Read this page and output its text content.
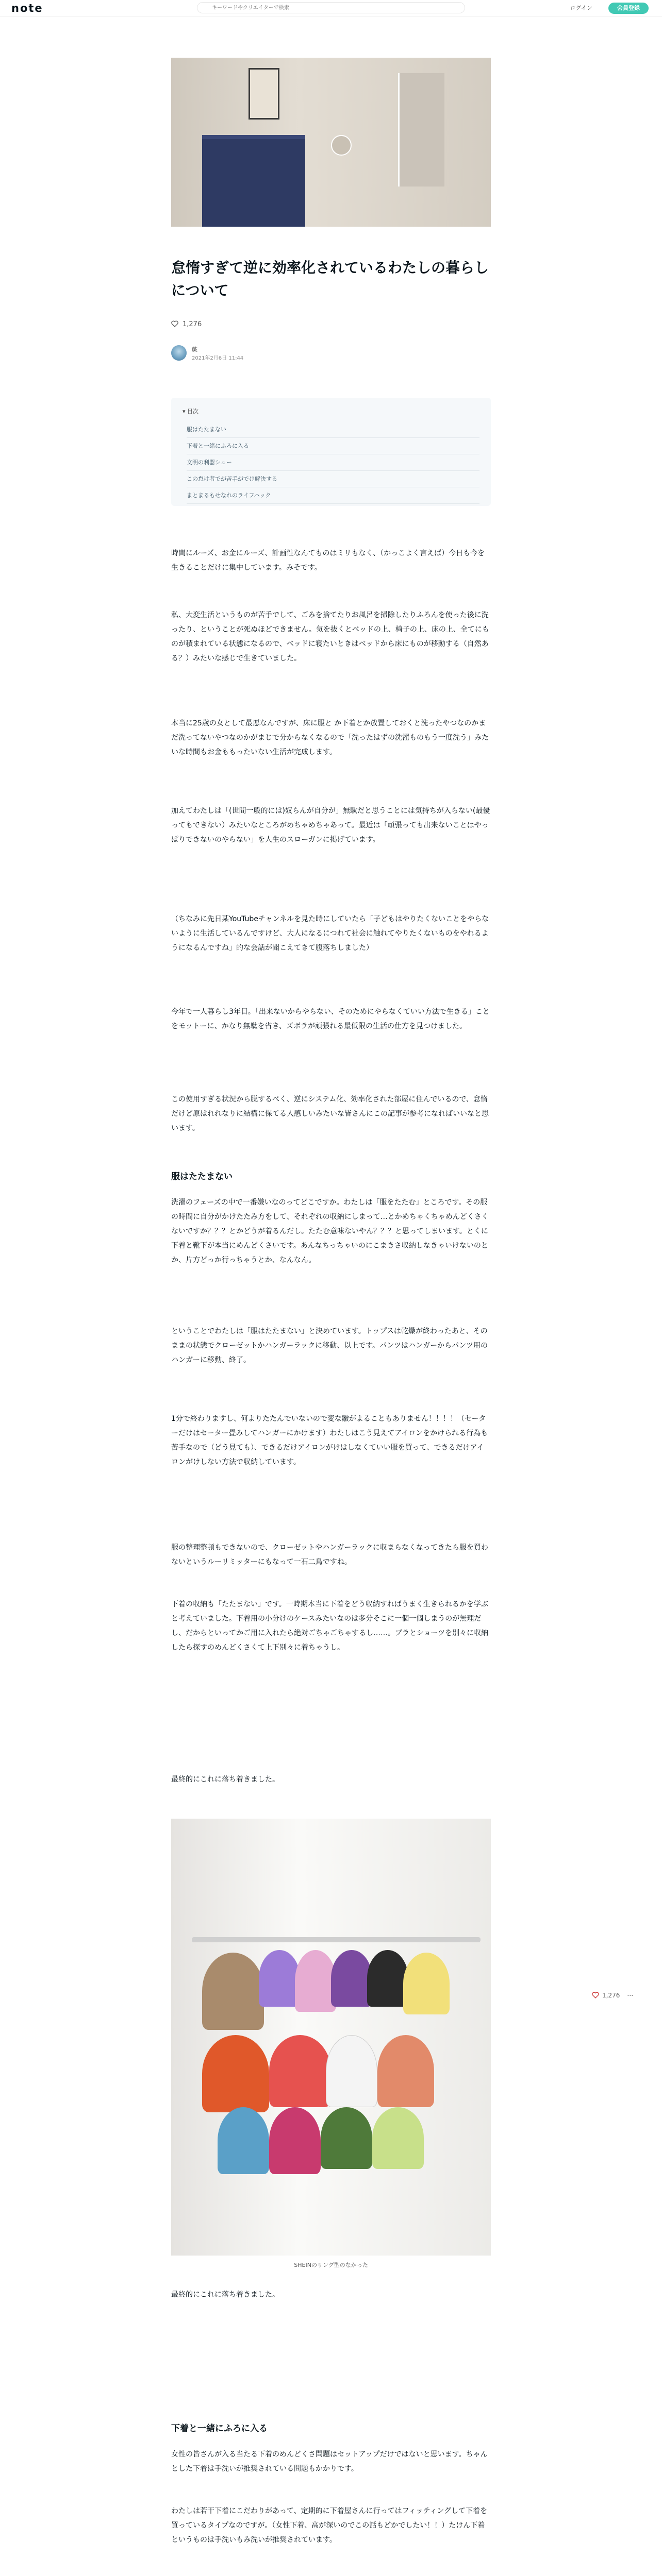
note
キーワードやクリエイターで検索	ログイン	会員登録
怠惰すぎて逆に効率化されているわたしの暮らしについて
1,276
蕨
2021年2月6日 11:44
▾ 目次
服はたたまない
下着と一緒にふろに入る
文明の利器シュー
この怠け者でが苦手がでけ解決する
まとまるもせなれのライフハック

時間にルーズ、お金にルーズ、計画性なんてものはミリもなく、（かっこよく言えば）今日も今を生きることだけに集中しています。みそです。

私、大変生活というものが苦手でして、ごみを捨てたりお風呂を掃除したりふろんを使った後に洗ったり、ということが死ぬほどできません。気を抜くとベッドの上、椅子の上、床の上、全てにものが積まれている状態になるので、ベッドに寝たいときはベッドから床にものが移動する（自然ある？）みたいな感じで生きていました。

本当に25歳の女として最悪なんですが、床に服と か下着とか放置しておくと洗ったやつなのかまだ洗ってないやつなのかがまじで分からなくなるので「洗ったはずの洗濯ものもう一度洗う」みたいな時間もお金ももったいない生活が完成します。

加えてわたしは「(世間一般的には)奴らんが自分が」無駄だと思うことには気持ちが入らない(最優ってもできない）みたいなところがめちゃめちゃあって。最近は「頑張っても出来ないことはやっぱりできないのやらない」を人生のスローガンに掲げています。

（ちなみに先日某YouTubeチャンネルを見た時にしていたら「子どもはやりたくないことをやらないように生活しているんですけど、大人になるにつれて社会に触れてやりたくないものをやれるようになるんですね」的な会話が聞こえてきて腹落ちしました）

今年で一人暮らし3年目。「出来ないからやらない、そのためにやらなくていい方法で生きる」ことをモットーに、かなり無駄を省き、ズボラが頑張れる最低限の生活の仕方を見つけました。

この使用すぎる状況から脱するべく、逆にシステム化、効率化された部屋に住んでいるので、怠惰だけど原はれれなりに結構に保てる人感しいみたいな皆さんにこの記事が参考になればいいなと思います。

服はたたまない

洗濯のフェーズの中で一番嫌いなのってどこですか。わたしは「服をたたむ」ところです。その服の時間に自分がかけたたみ方をして、それぞれの収納にしまって…とかめちゃくちゃめんどくさくないですか？？？とかどうが着るんだし。たたむ意味ないやん？？？と思ってしまいます。とくに下着と靴下が本当にめんどくさいです。あんなちっちゃいのにこまきさ収納しなきゃいけないのとか、片方どっか行っちゃうとか、なんなん。

ということでわたしは「服はたたまない」と決めています。トップスは乾燥が終わったあと、そのままの状態でクローゼットかハンガーラックに移動、以上です。パンツはハンガーからパンツ用のハンガーに移動、終了。

1分で終わりますし、何よりたたんでいないので変な皺がよることもありません！！！！（セーターだけはセーター畳みしてハンガーにかけます）わたしはこう見えてアイロンをかけられる行為も苦手なので（どう見ても）、できるだけアイロンがけはしなくていい服を買って、できるだけアイロンがけしない方法で収納しています。

服の整理整頓もできないので、クローゼットやハンガーラックに収まらなくなってきたら服を買わないというルーリミッターにもなって一石二鳥ですね。

下着の収納も「たたまない」です。一時期本当に下着をどう収納すればうまく生きられるかを学ぶと考えていました。下着用の小分けのケースみたいなのは多分そこに一個一個しまうのが無理だし、だからといってかご用に入れたら絶対ごちゃごちゃするし……。ブラとショーツを別々に収納したら探すのめんどくさくて上下別々に着ちゃうし。

最終的にこれに落ち着きました。

SHEINのリング型のなかった

最終的にこれに落ち着きました。

下着と一緒にふろに入る

女性の皆さんが入る当たる下着のめんどくさ問題はセットアップだけではないと思います。ちゃんとした下着は手洗いが推奨されている問題もかかりです。

わたしは若干下着にこだわりがあって、定期的に下着屋さんに行ってはフィッティングして下着を買っているタイプなのですが。（女性下着、高が深いのでこの話もどかでしたい！！）たけん下着というものは手洗いもみ洗いが推奨されています。

1,276 ⋯
